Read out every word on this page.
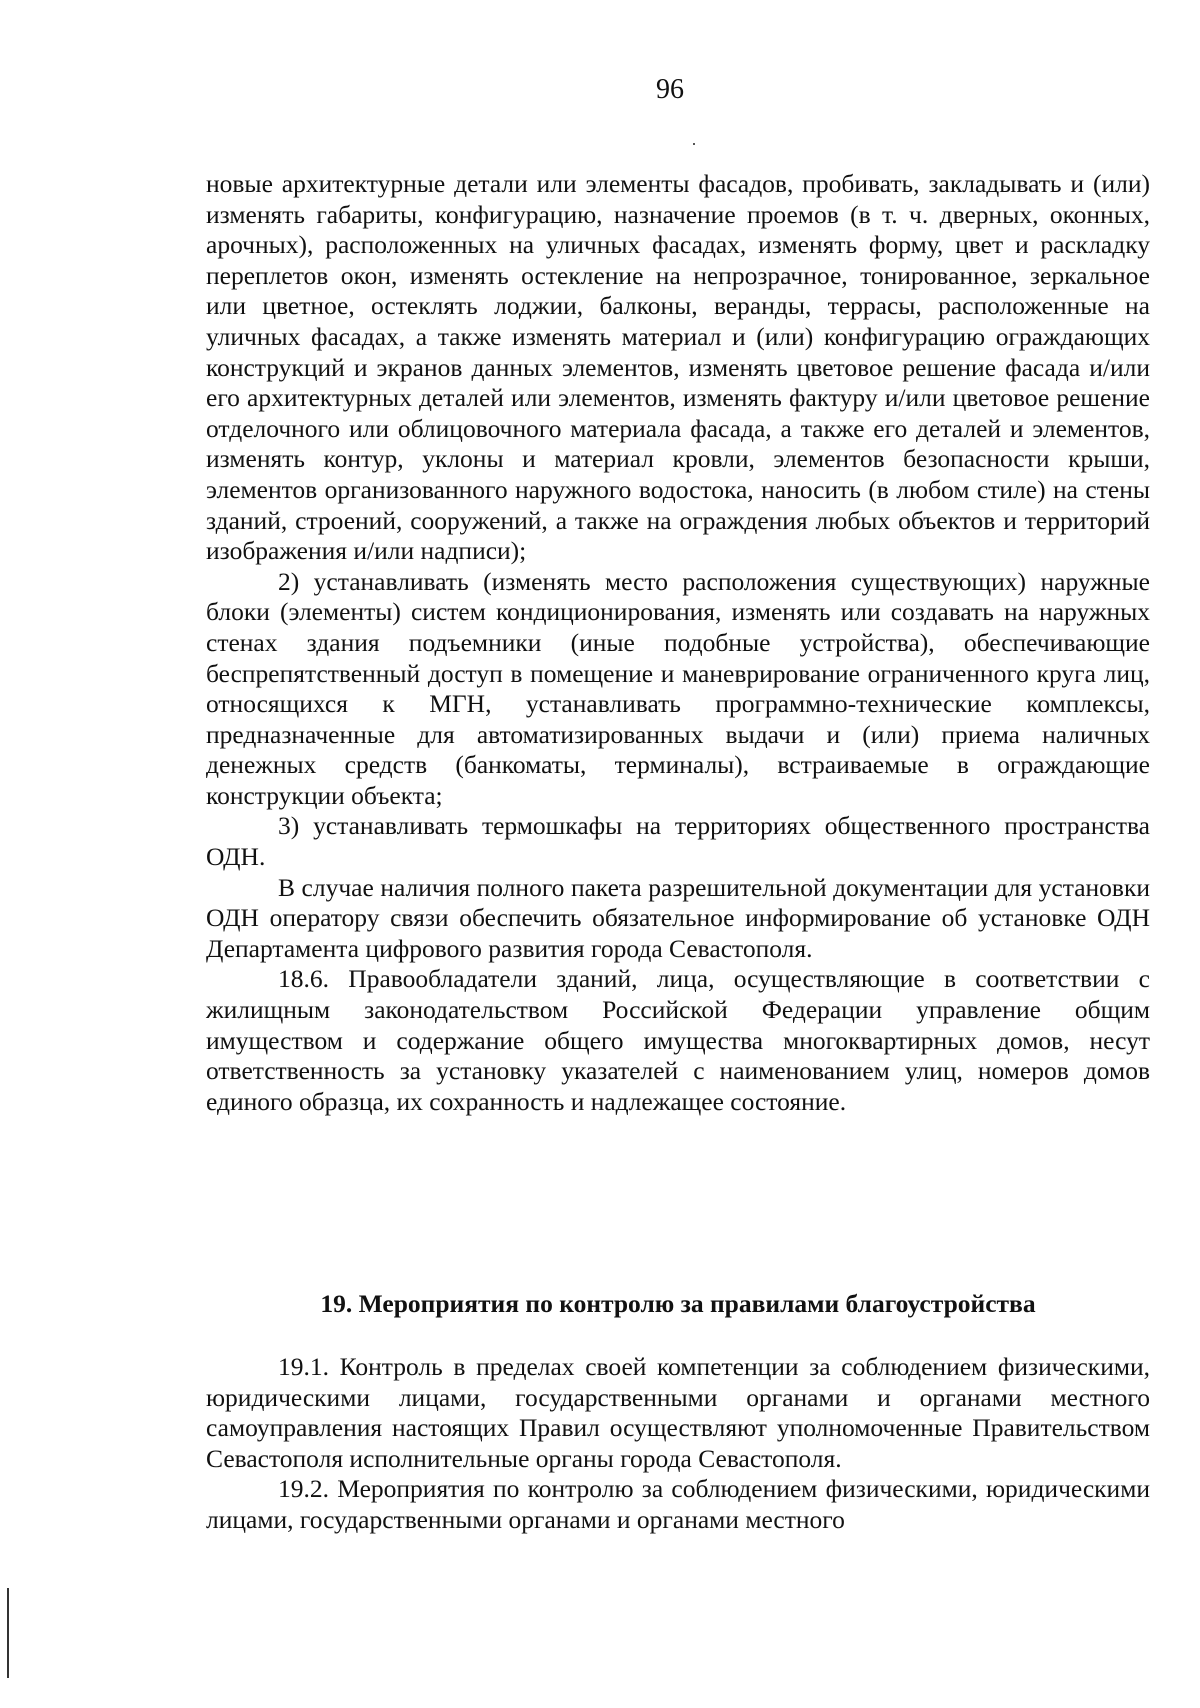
96

новые архитектурные детали или элементы фасадов, пробивать, закладывать и (или) изменять габариты, конфигурацию, назначение проемов (в т. ч. дверных, оконных, арочных), расположенных на уличных фасадах, изменять форму, цвет и раскладку переплетов окон, изменять остекление на непрозрачное, тонированное, зеркальное или цветное, остеклять лоджии, балконы, веранды, террасы, расположенные на уличных фасадах, а также изменять материал и (или) конфигурацию ограждающих конструкций и экранов данных элементов, изменять цветовое решение фасада и/или его архитектурных деталей или элементов, изменять фактуру и/или цветовое решение отделочного или облицовочного материала фасада, а также его деталей и элементов, изменять контур, уклоны и материал кровли, элементов безопасности крыши, элементов организованного наружного водостока, наносить (в любом стиле) на стены зданий, строений, сооружений, а также на ограждения любых объектов и территорий изображения и/или надписи);

2) устанавливать (изменять место расположения существующих) наружные блоки (элементы) систем кондиционирования, изменять или создавать на наружных стенах здания подъемники (иные подобные устройства), обеспечивающие беспрепятственный доступ в помещение и маневрирование ограниченного круга лиц, относящихся к МГН, устанавливать программно-технические комплексы, предназначенные для автоматизированных выдачи и (или) приема наличных денежных средств (банкоматы, терминалы), встраиваемые в ограждающие конструкции объекта;

3) устанавливать термошкафы на территориях общественного пространства ОДН.

В случае наличия полного пакета разрешительной документации для установки ОДН оператору связи обеспечить обязательное информирование об установке ОДН Департамента цифрового развития города Севастополя.

18.6. Правообладатели зданий, лица, осуществляющие в соответствии с жилищным законодательством Российской Федерации управление общим имуществом и содержание общего имущества многоквартирных домов, несут ответственность за установку указателей с наименованием улиц, номеров домов единого образца, их сохранность и надлежащее состояние.

19. Мероприятия по контролю за правилами благоустройства

19.1. Контроль в пределах своей компетенции за соблюдением физическими, юридическими лицами, государственными органами и органами местного самоуправления настоящих Правил осуществляют уполномоченные Правительством Севастополя исполнительные органы города Севастополя.

19.2. Мероприятия по контролю за соблюдением физическими, юридическими лицами, государственными органами и органами местного
